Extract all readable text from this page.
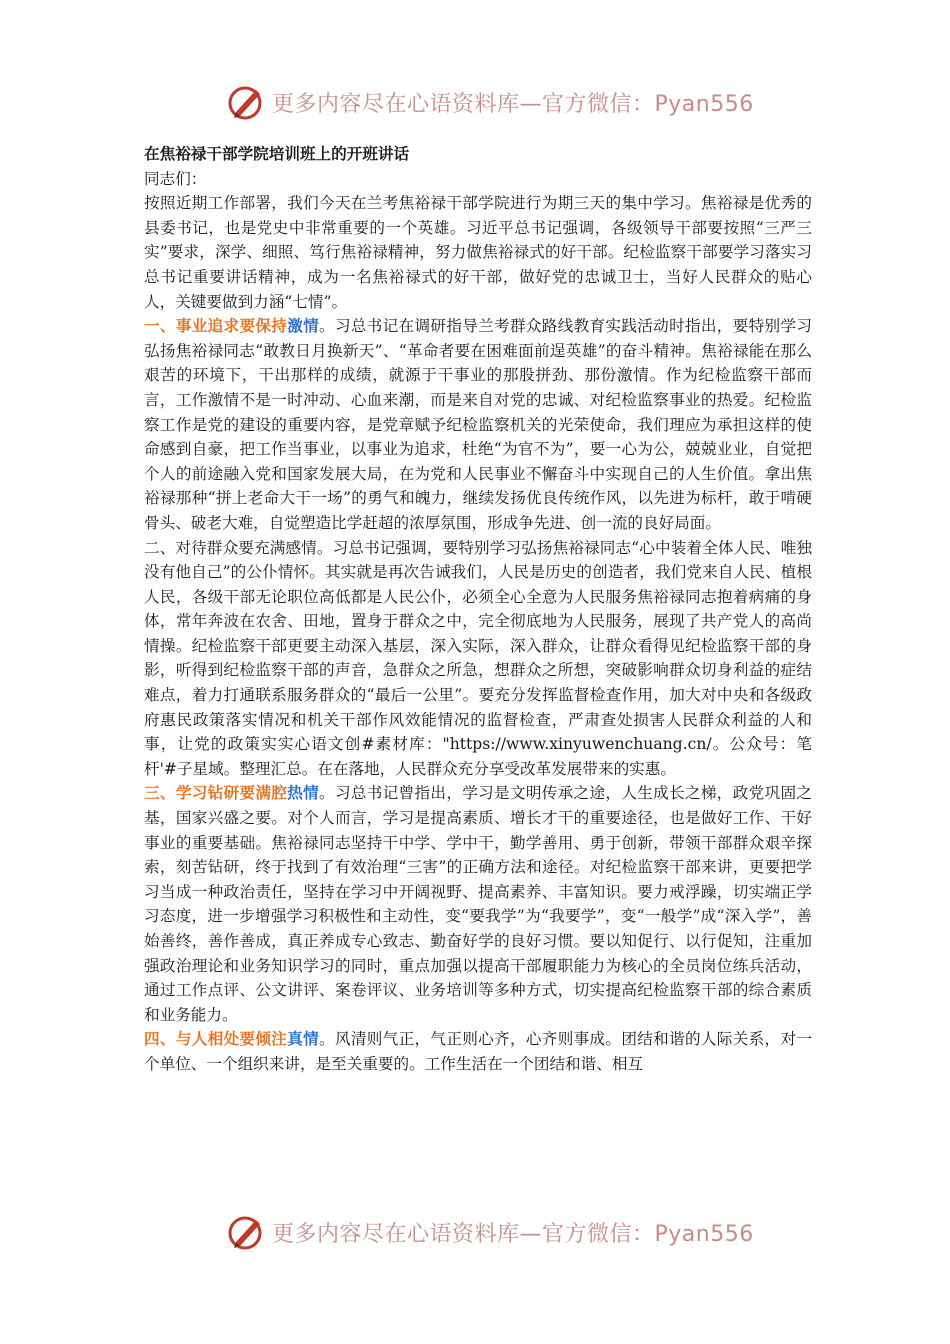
更多内容尽在心语资料库—官方微信：Pyan556

在焦裕禄干部学院培训班上的开班讲话

同志们：

按照近期工作部署，我们今天在兰考焦裕禄干部学院进行为期三天的集中学习。焦裕禄是优秀的县委书记，也是党史中非常重要的一个英雄。习近平总书记强调，各级领导干部要按照“三严三实”要求，深学、细照、笃行焦裕禄精神，努力做焦裕禄式的好干部。纪检监察干部要学习落实习总书记重要讲话精神，成为一名焦裕禄式的好干部，做好党的忠诚卫士，当好人民群众的贴心人，关键要做到力涵“七情”。

一、事业追求要保持激情。习总书记在调研指导兰考群众路线教育实践活动时指出，要特别学习弘扬焦裕禄同志“敢教日月换新天”、“革命者要在困难面前逞英雄”的奋斗精神。焦裕禄能在那么艰苦的环境下，干出那样的成绩，就源于干事业的那股拼劲、那份激情。作为纪检监察干部而言，工作激情不是一时冲动、心血来潮，而是来自对党的忠诚、对纪检监察事业的热爱。纪检监察工作是党的建设的重要内容，是党章赋予纪检监察机关的光荣使命，我们理应为承担这样的使命感到自豪，把工作当事业，以事业为追求，杜绝“为官不为”，要一心为公，兢兢业业，自觉把个人的前途融入党和国家发展大局，在为党和人民事业不懈奋斗中实现自己的人生价值。拿出焦裕禄那种“拼上老命大干一场”的勇气和魄力，继续发扬优良传统作风，以先进为标杆，敢于啃硬骨头、破老大难，自觉塑造比学赶超的浓厚氛围，形成争先进、创一流的良好局面。

二、对待群众要充满感情。习总书记强调，要特别学习弘扬焦裕禄同志“心中装着全体人民、唯独没有他自己”的公仆情怀。其实就是再次告诫我们，人民是历史的创造者，我们党来自人民、植根人民，各级干部无论职位高低都是人民公仆，必须全心全意为人民服务焦裕禄同志抱着病痛的身体，常年奔波在农舍、田地，置身于群众之中，完全彻底地为人民服务，展现了共产党人的高尚情操。纪检监察干部更要主动深入基层，深入实际，深入群众，让群众看得见纪检监察干部的身影，听得到纪检监察干部的声音，急群众之所急，想群众之所想，突破影响群众切身利益的症结难点，着力打通联系服务群众的“最后一公里”。要充分发挥监督检查作用，加大对中央和各级政府惠民政策落实情况和机关干部作风效能情况的监督检查，严肃查处损害人民群众利益的人和事，让党的政策实实心语文创#素材库："https://www.xinyuwenchuang.cn/。公众号：笔杆'#子星域。整理汇总。在在落地，人民群众充分享受改革发展带来的实惠。

三、学习钻研要满腔热情。习总书记曾指出，学习是文明传承之途，人生成长之梯，政党巩固之基，国家兴盛之要。对个人而言，学习是提高素质、增长才干的重要途径，也是做好工作、干好事业的重要基础。焦裕禄同志坚持干中学、学中干，勤学善用、勇于创新，带领干部群众艰辛探索，刻苦钻研，终于找到了有效治理“三害”的正确方法和途径。对纪检监察干部来讲，更要把学习当成一种政治责任，坚持在学习中开阔视野、提高素养、丰富知识。要力戒浮躁，切实端正学习态度，进一步增强学习积极性和主动性，变“要我学”为“我要学”，变“一般学”成“深入学”，善始善终，善作善成，真正养成专心致志、勤奋好学的良好习惯。要以知促行、以行促知，注重加强政治理论和业务知识学习的同时，重点加强以提高干部履职能力为核心的全员岗位练兵活动，通过工作点评、公文讲评、案卷评议、业务培训等多种方式，切实提高纪检监察干部的综合素质和业务能力。

四、与人相处要倾注真情。风清则气正，气正则心齐，心齐则事成。团结和谐的人际关系，对一个单位、一个组织来讲，是至关重要的。工作生活在一个团结和谐、相互

更多内容尽在心语资料库—官方微信：Pyan556
